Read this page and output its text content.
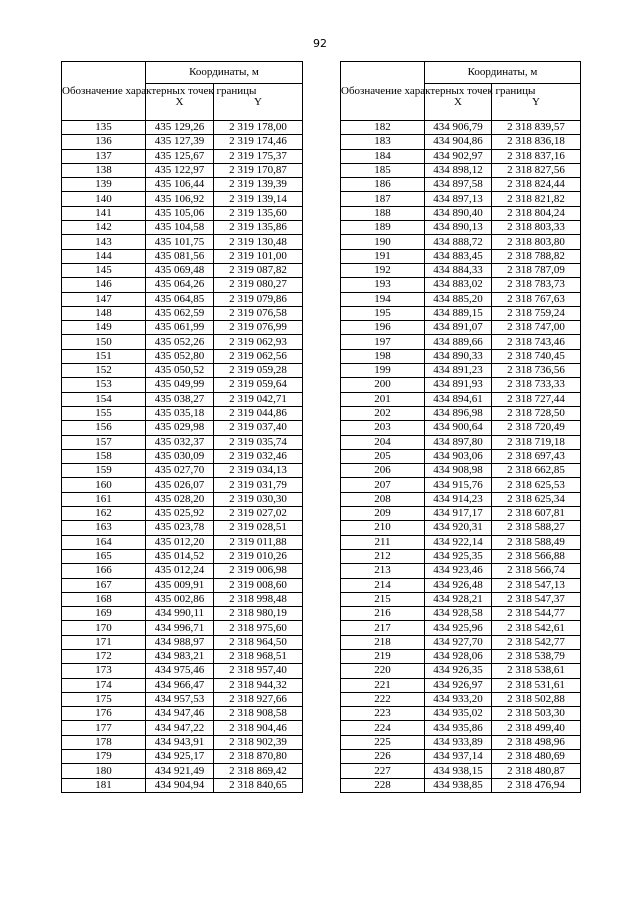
92
Обозначение характерных точек границы	Координаты, м	
	X	Y
135	435 129,26	2 319 178,00
136	435 127,39	2 319 174,46
137	435 125,67	2 319 175,37
138	435 122,97	2 319 170,87
139	435 106,44	2 319 139,39
140	435 106,92	2 319 139,14
141	435 105,06	2 319 135,60
142	435 104,58	2 319 135,86
143	435 101,75	2 319 130,48
144	435 081,56	2 319 101,00
145	435 069,48	2 319 087,82
146	435 064,26	2 319 080,27
147	435 064,85	2 319 079,86
148	435 062,59	2 319 076,58
149	435 061,99	2 319 076,99
150	435 052,26	2 319 062,93
151	435 052,80	2 319 062,56
152	435 050,52	2 319 059,28
153	435 049,99	2 319 059,64
154	435 038,27	2 319 042,71
155	435 035,18	2 319 044,86
156	435 029,98	2 319 037,40
157	435 032,37	2 319 035,74
158	435 030,09	2 319 032,46
159	435 027,70	2 319 034,13
160	435 026,07	2 319 031,79
161	435 028,20	2 319 030,30
162	435 025,92	2 319 027,02
163	435 023,78	2 319 028,51
164	435 012,20	2 319 011,88
165	435 014,52	2 319 010,26
166	435 012,24	2 319 006,98
167	435 009,91	2 319 008,60
168	435 002,86	2 318 998,48
169	434 990,11	2 318 980,19
170	434 996,71	2 318 975,60
171	434 988,97	2 318 964,50
172	434 983,21	2 318 968,51
173	434 975,46	2 318 957,40
174	434 966,47	2 318 944,32
175	434 957,53	2 318 927,66
176	434 947,46	2 318 908,58
177	434 947,22	2 318 904,46
178	434 943,91	2 318 902,39
179	434 925,17	2 318 870,80
180	434 921,49	2 318 869,42
181	434 904,94	2 318 840,65
Обозначение характерных точек границы	Координаты, м	
	X	Y
182	434 906,79	2 318 839,57
183	434 904,86	2 318 836,18
184	434 902,97	2 318 837,16
185	434 898,12	2 318 827,56
186	434 897,58	2 318 824,44
187	434 897,13	2 318 821,82
188	434 890,40	2 318 804,24
189	434 890,13	2 318 803,33
190	434 888,72	2 318 803,80
191	434 883,45	2 318 788,82
192	434 884,33	2 318 787,09
193	434 883,02	2 318 783,73
194	434 885,20	2 318 767,63
195	434 889,15	2 318 759,24
196	434 891,07	2 318 747,00
197	434 889,66	2 318 743,46
198	434 890,33	2 318 740,45
199	434 891,23	2 318 736,56
200	434 891,93	2 318 733,33
201	434 894,61	2 318 727,44
202	434 896,98	2 318 728,50
203	434 900,64	2 318 720,49
204	434 897,80	2 318 719,18
205	434 903,06	2 318 697,43
206	434 908,98	2 318 662,85
207	434 915,76	2 318 625,53
208	434 914,23	2 318 625,34
209	434 917,17	2 318 607,81
210	434 920,31	2 318 588,27
211	434 922,14	2 318 588,49
212	434 925,35	2 318 566,88
213	434 923,46	2 318 566,74
214	434 926,48	2 318 547,13
215	434 928,21	2 318 547,37
216	434 928,58	2 318 544,77
217	434 925,96	2 318 542,61
218	434 927,70	2 318 542,77
219	434 928,06	2 318 538,79
220	434 926,35	2 318 538,61
221	434 926,97	2 318 531,61
222	434 933,20	2 318 502,88
223	434 935,02	2 318 503,30
224	434 935,86	2 318 499,40
225	434 933,89	2 318 498,96
226	434 937,14	2 318 480,69
227	434 938,15	2 318 480,87
228	434 938,85	2 318 476,94
